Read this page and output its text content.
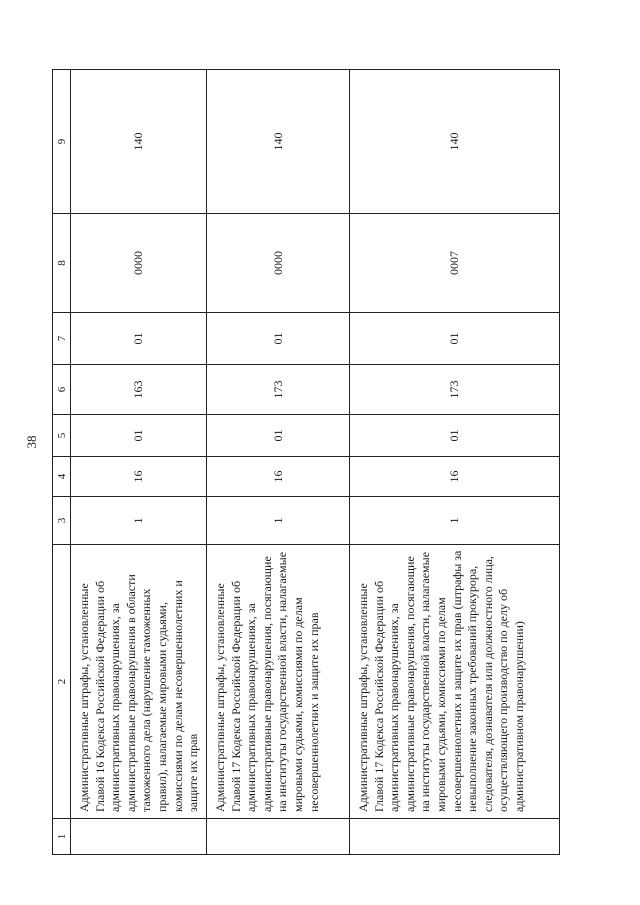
38
1	2	3	4	5	6	7	8	9
	Административные штрафы, установленные Главой 16 Кодекса Российской Федерации об административных правонарушениях, за административные правонарушения в области таможенного дела (нарушение таможенных правил), налагаемые мировыми судьями, комиссиями по делам несовершеннолетних и защите их прав	1	16	01	163	01	0000	140
	Административные штрафы, установленные Главой 17 Кодекса Российской Федерации об административных правонарушениях, за административные правонарушения, посягающие на институты государственной власти, налагаемые мировыми судьями, комиссиями по делам несовершеннолетних и защите их прав	1	16	01	173	01	0000	140
	Административные штрафы, установленные Главой 17 Кодекса Российской Федерации об административных правонарушениях, за административные правонарушения, посягающие на институты государственной власти, налагаемые мировыми судьями, комиссиями по делам несовершеннолетних и защите их прав (штрафы за невыполнение законных требований прокурора, следователя, дознавателя или должностного лица, осуществляющего производство по делу об административном правонарушении)	1	16	01	173	01	0007	140
